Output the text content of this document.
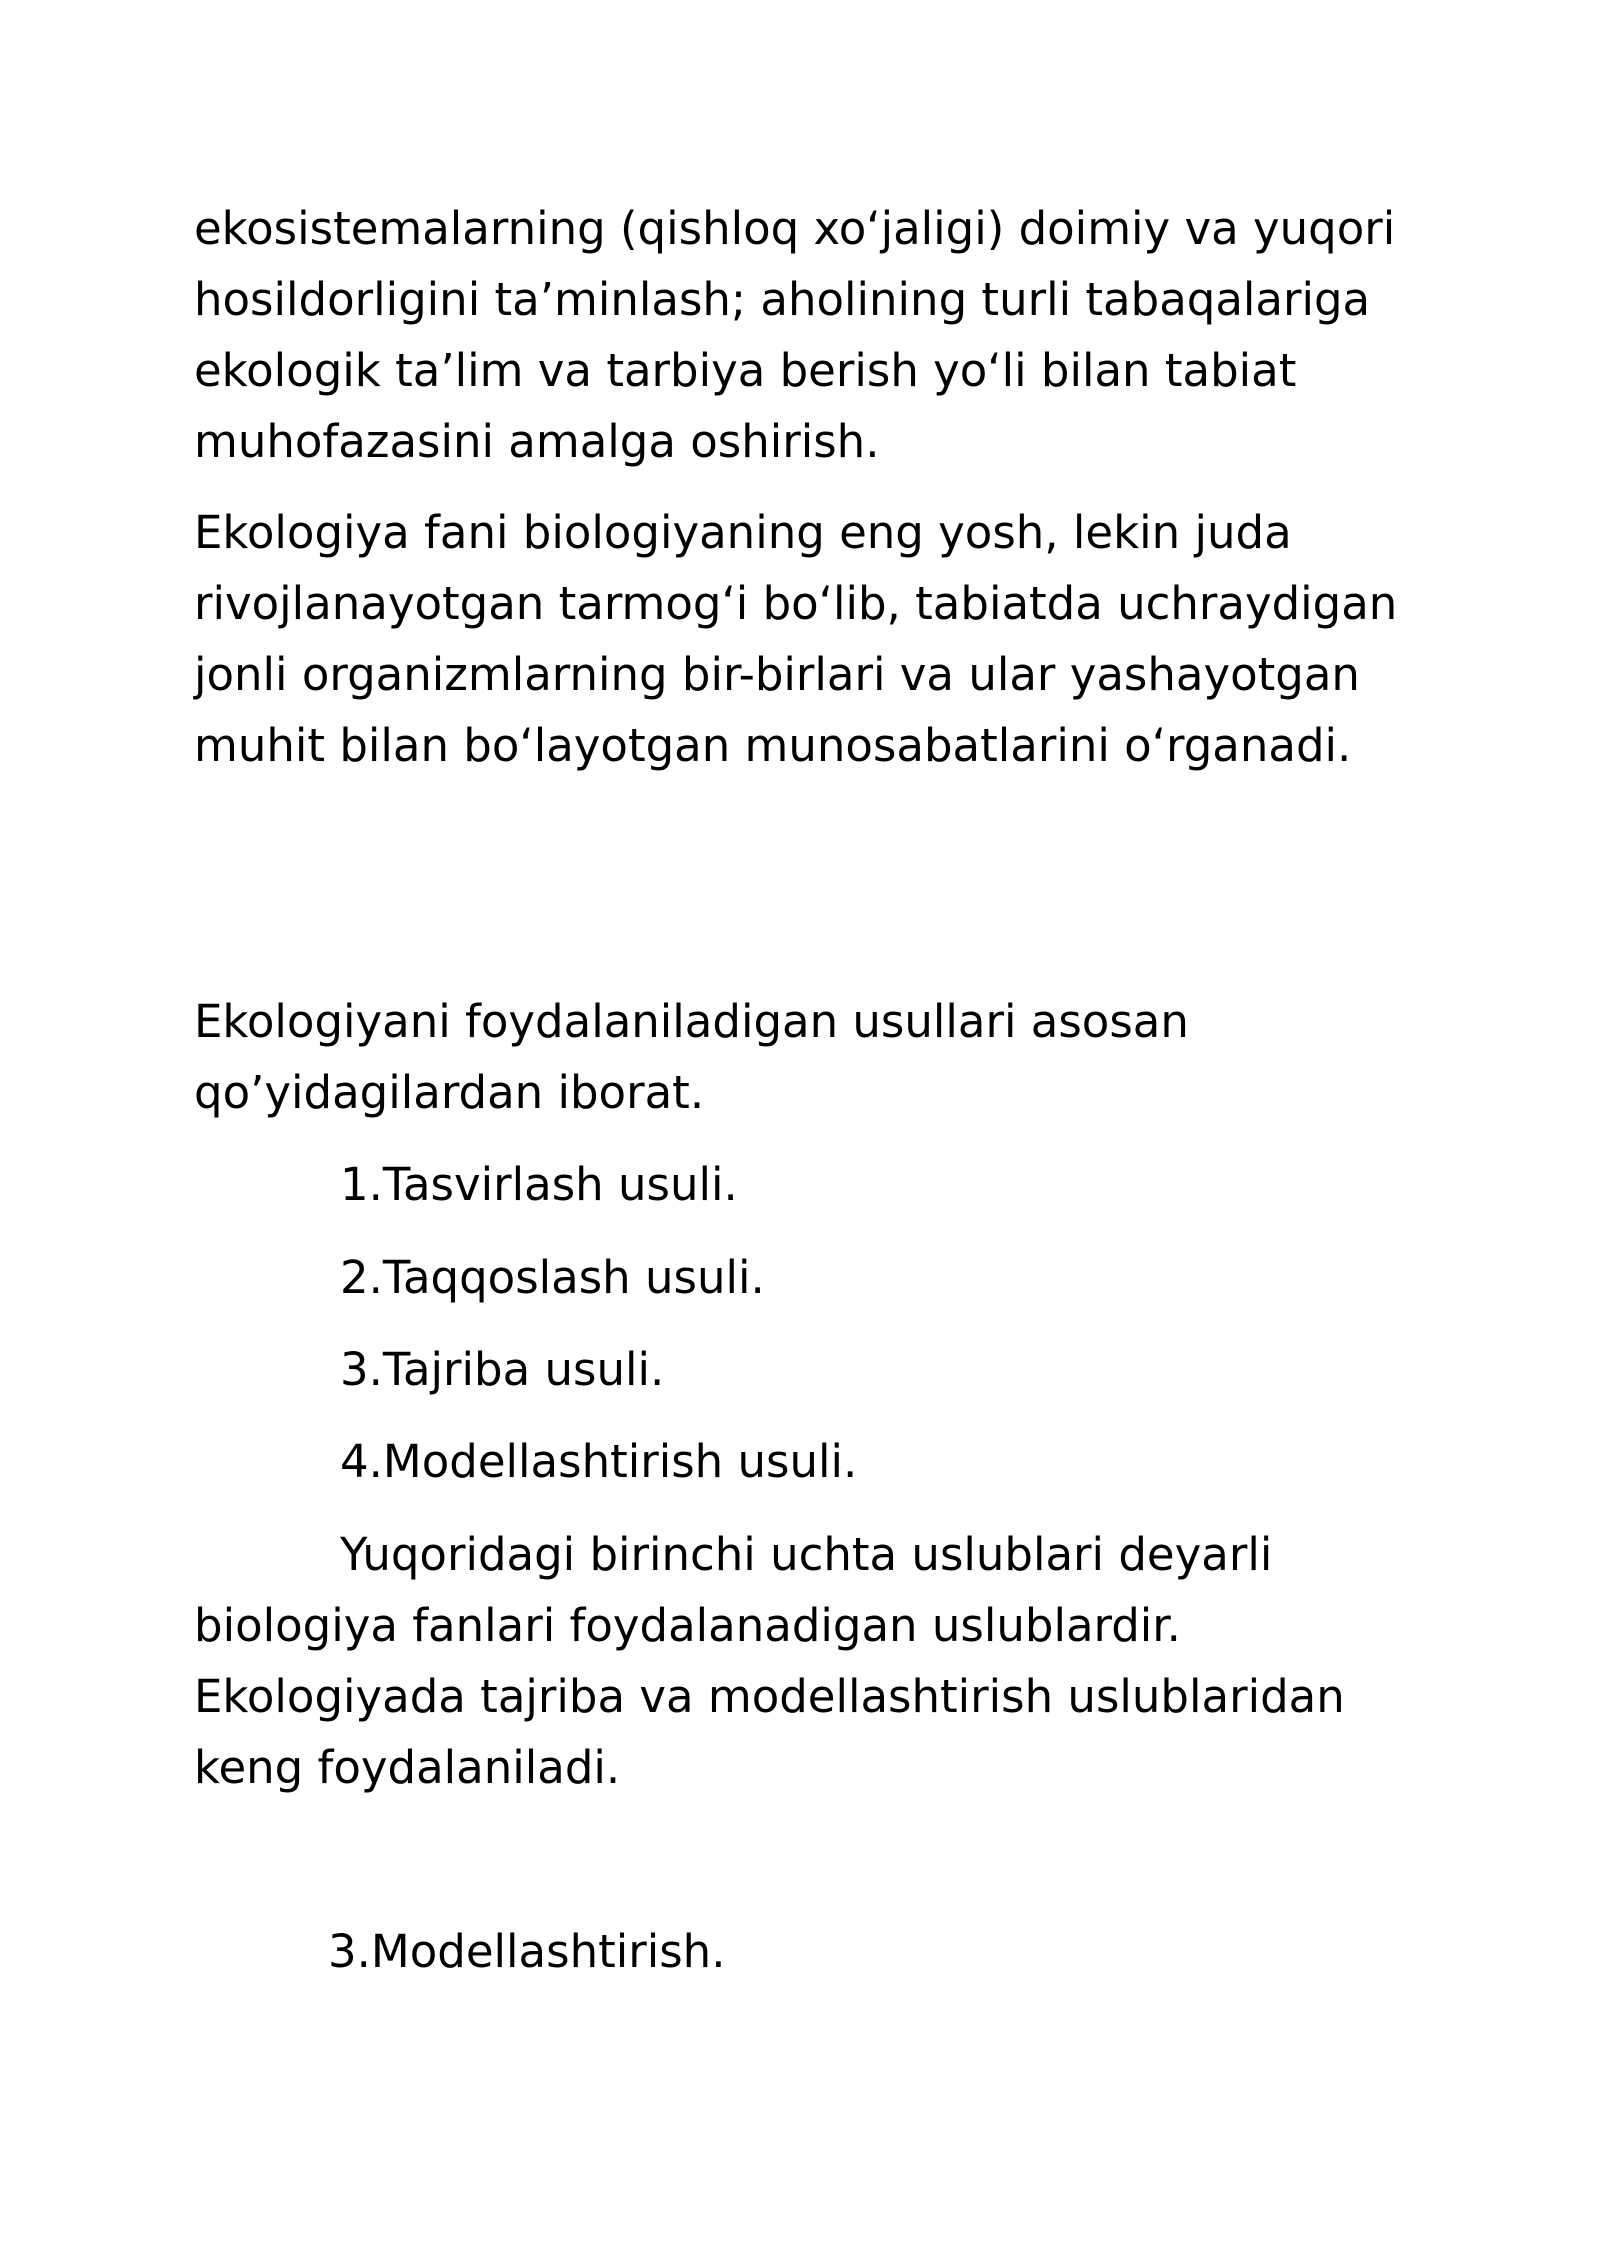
ekosistemalarning (qishloq xo‘jaligi) doimiy va yuqori
hosildorligini ta’minlash; aholining turli tabaqalariga
ekologik ta’lim va tarbiya berish yo‘li bilan tabiat
muhofazasini amalga oshirish.

Ekologiya fani biologiyaning eng yosh, lekin juda
rivojlanayotgan tarmog‘i bo‘lib, tabiatda uchraydigan
jonli organizmlarning bir-birlari va ular yashayotgan
muhit bilan bo‘layotgan munosabatlarini o‘rganadi.

Ekologiyani foydalaniladigan usullari asosan
qo’yidagilardan iborat.

1.Tasvirlash usuli.

2.Taqqoslash usuli.

3.Tajriba usuli.

4.Modellashtirish usuli.

Yuqoridagi birinchi uchta uslublari deyarli
biologiya fanlari foydalanadigan uslublardir.
Ekologiyada tajriba va modellashtirish uslublaridan
keng foydalaniladi.

3.Modellashtirish.
